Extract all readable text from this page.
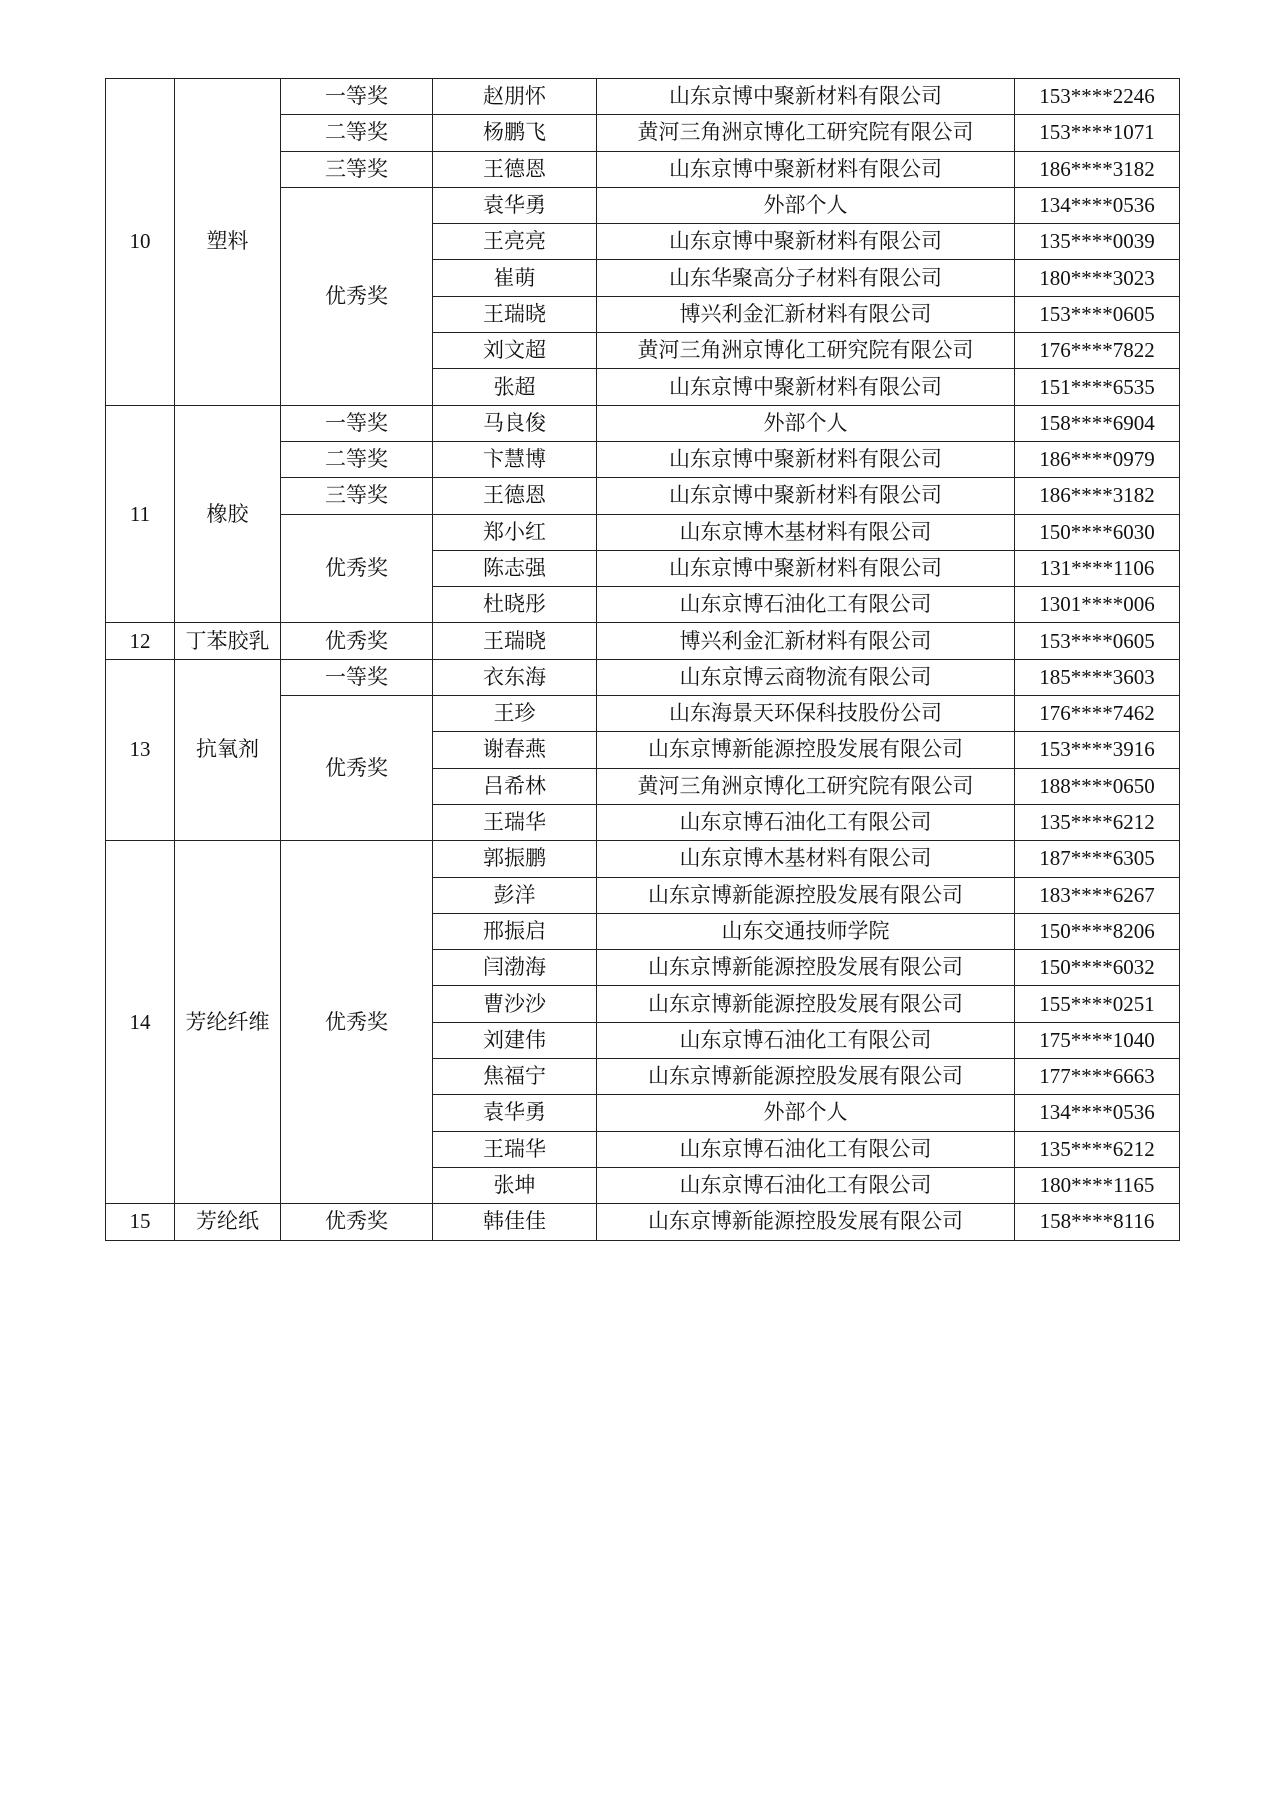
10	塑料	一等奖	赵朋怀	山东京博中聚新材料有限公司	153****2246
		二等奖	杨鹏飞	黄河三角洲京博化工研究院有限公司	153****1071
		三等奖	王德恩	山东京博中聚新材料有限公司	186****3182
		优秀奖	袁华勇	外部个人	134****0536
			王亮亮	山东京博中聚新材料有限公司	135****0039
			崔萌	山东华聚高分子材料有限公司	180****3023
			王瑞晓	博兴利金汇新材料有限公司	153****0605
			刘文超	黄河三角洲京博化工研究院有限公司	176****7822
			张超	山东京博中聚新材料有限公司	151****6535
11	橡胶	一等奖	马良俊	外部个人	158****6904
		二等奖	卞慧博	山东京博中聚新材料有限公司	186****0979
		三等奖	王德恩	山东京博中聚新材料有限公司	186****3182
		优秀奖	郑小红	山东京博木基材料有限公司	150****6030
			陈志强	山东京博中聚新材料有限公司	131****1106
			杜晓彤	山东京博石油化工有限公司	1301****006
12	丁苯胶乳	优秀奖	王瑞晓	博兴利金汇新材料有限公司	153****0605
13	抗氧剂	一等奖	衣东海	山东京博云商物流有限公司	185****3603
		优秀奖	王珍	山东海景天环保科技股份公司	176****7462
			谢春燕	山东京博新能源控股发展有限公司	153****3916
			吕希林	黄河三角洲京博化工研究院有限公司	188****0650
			王瑞华	山东京博石油化工有限公司	135****6212
14	芳纶纤维	优秀奖	郭振鹏	山东京博木基材料有限公司	187****6305
			彭洋	山东京博新能源控股发展有限公司	183****6267
			邢振启	山东交通技师学院	150****8206
			闫渤海	山东京博新能源控股发展有限公司	150****6032
			曹沙沙	山东京博新能源控股发展有限公司	155****0251
			刘建伟	山东京博石油化工有限公司	175****1040
			焦福宁	山东京博新能源控股发展有限公司	177****6663
			袁华勇	外部个人	134****0536
			王瑞华	山东京博石油化工有限公司	135****6212
			张坤	山东京博石油化工有限公司	180****1165
15	芳纶纸	优秀奖	韩佳佳	山东京博新能源控股发展有限公司	158****8116
